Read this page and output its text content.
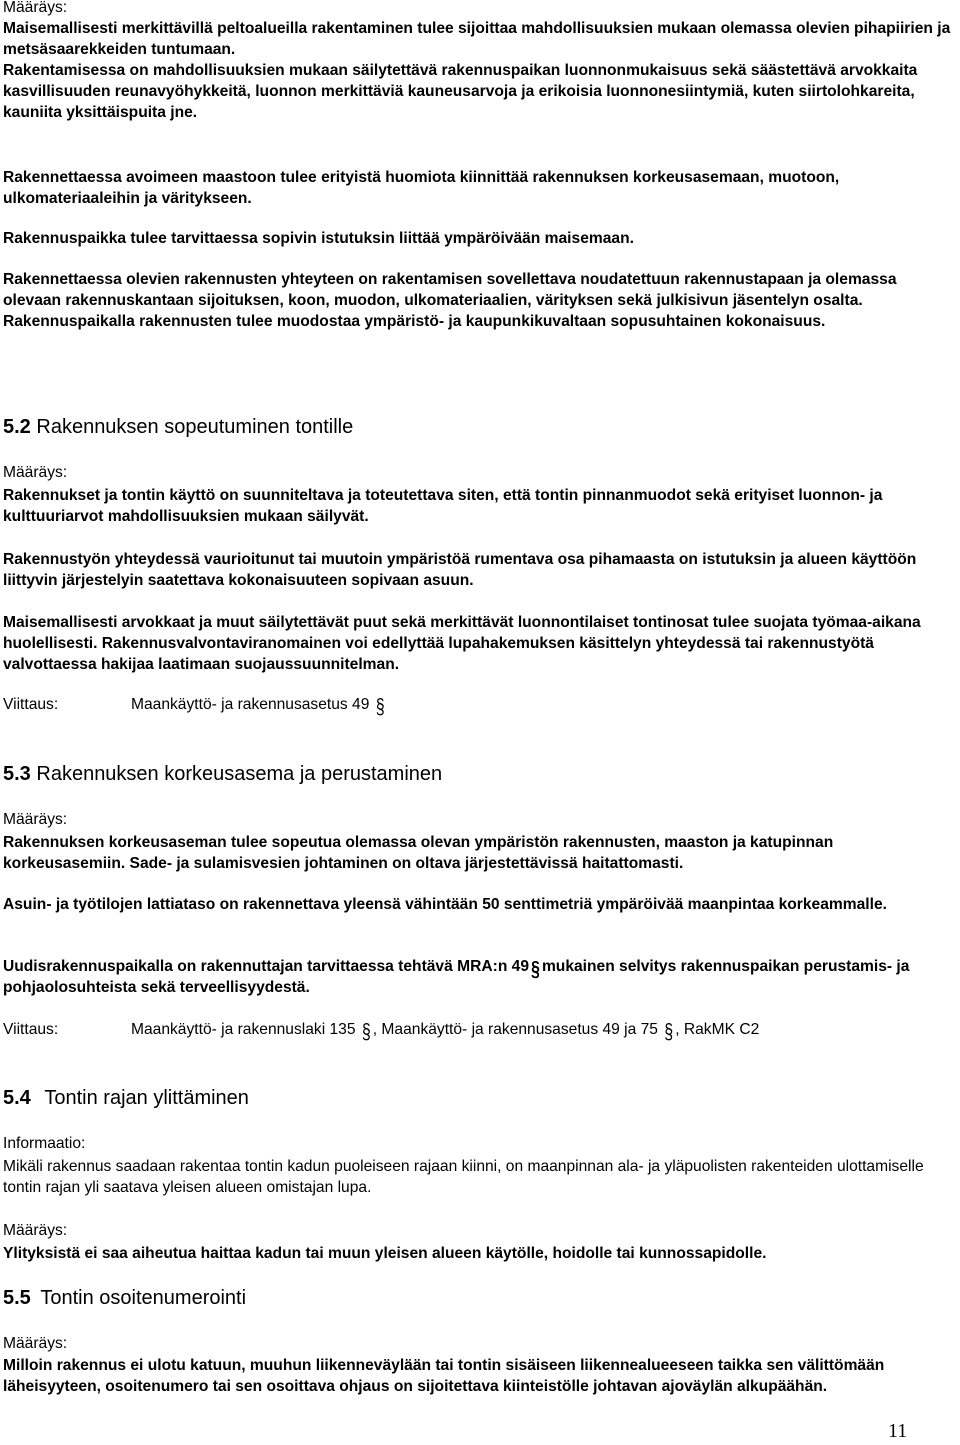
Määräys:
Maisemallisesti merkittävillä peltoalueilla rakentaminen tulee sijoittaa mahdollisuuksien mukaan olemassa olevien pihapiirien ja metsäsaarekkeiden tuntumaan.
Rakentamisessa on mahdollisuuksien mukaan säilytettävä rakennuspaikan luonnonmukaisuus sekä säästettävä arvokkaita kasvillisuuden reunavyöhykkeitä, luonnon merkittäviä kauneusarvoja ja erikoisia luonnonesiintymiä, kuten siirtolohkareita, kauniita yksittäispuita jne.
Rakennettaessa avoimeen maastoon tulee erityistä huomiota kiinnittää rakennuksen korkeusasemaan, muotoon, ulkomateriaaleihin ja väritykseen.
Rakennuspaikka tulee tarvittaessa sopivin istutuksin liittää ympäröivään maisemaan.
Rakennettaessa olevien rakennusten yhteyteen on rakentamisen sovellettava noudatettuun rakennustapaan ja olemassa olevaan rakennuskantaan sijoituksen, koon, muodon, ulkomateriaalien, värityksen sekä julkisivun jäsentelyn osalta. Rakennuspaikalla rakennusten tulee muodostaa ympäristö- ja kaupunkikuvaltaan sopusuhtainen kokonaisuus.
5.2 Rakennuksen sopeutuminen tontille
Määräys:
Rakennukset ja tontin käyttö on suunniteltava ja toteutettava siten, että tontin pinnanmuodot sekä erityiset luonnon- ja kulttuuriarvot mahdollisuuksien mukaan säilyvät.
Rakennustyön yhteydessä vaurioitunut tai muutoin ympäristöä rumentava osa pihamaasta on istutuksin ja alueen käyttöön liittyvin järjestelyin saatettava kokonaisuuteen sopivaan asuun.
Maisemallisesti arvokkaat ja muut säilytettävät puut sekä merkittävät luonnontilaiset tontinosat tulee suojata työmaa-aikana huolellisesti. Rakennusvalvontaviranomainen voi edellyttää lupahakemuksen käsittelyn yhteydessä tai rakennustyötä valvottaessa hakijaa laatimaan suojaussuunnitelman.
Viittaus:	Maankäyttö- ja rakennusasetus 49 §
5.3 Rakennuksen korkeusasema ja perustaminen
Määräys:
Rakennuksen korkeusaseman tulee sopeutua olemassa olevan ympäristön rakennusten, maaston ja katupinnan korkeusasemiin. Sade- ja sulamisvesien johtaminen on oltava järjestettävissä haitattomasti.
Asuin- ja työtilojen lattiataso on rakennettava yleensä vähintään 50 senttimetriä ympäröivää maanpintaa korkeammalle.
Uudisrakennuspaikalla on rakennuttajan tarvittaessa tehtävä MRA:n 49 § mukainen selvitys rakennuspaikan perustamis- ja pohjaolosuhteista sekä terveellisyydestä.
Viittaus:	Maankäyttö- ja rakennuslaki 135 § , Maankäyttö- ja rakennusasetus 49 ja 75 § , RakMK C2
5.4 Tontin rajan ylittäminen
Informaatio:
Mikäli rakennus saadaan rakentaa tontin kadun puoleiseen rajaan kiinni, on maanpinnan ala- ja yläpuolisten rakenteiden ulottamiselle tontin rajan yli saatava yleisen alueen omistajan lupa.
Määräys:
Ylityksistä ei saa aiheutua haittaa kadun tai muun yleisen alueen käytölle, hoidolle tai kunnossapidolle.
5.5 Tontin osoitenumerointi
Määräys:
Milloin rakennus ei ulotu katuun, muuhun liikenneväylään tai tontin sisäiseen liikennealueeseen taikka sen välittömään läheisyyteen, osoitenumero tai sen osoittava ohjaus on sijoitettava kiinteistölle johtavan ajoväylän alkupäähän.
11
